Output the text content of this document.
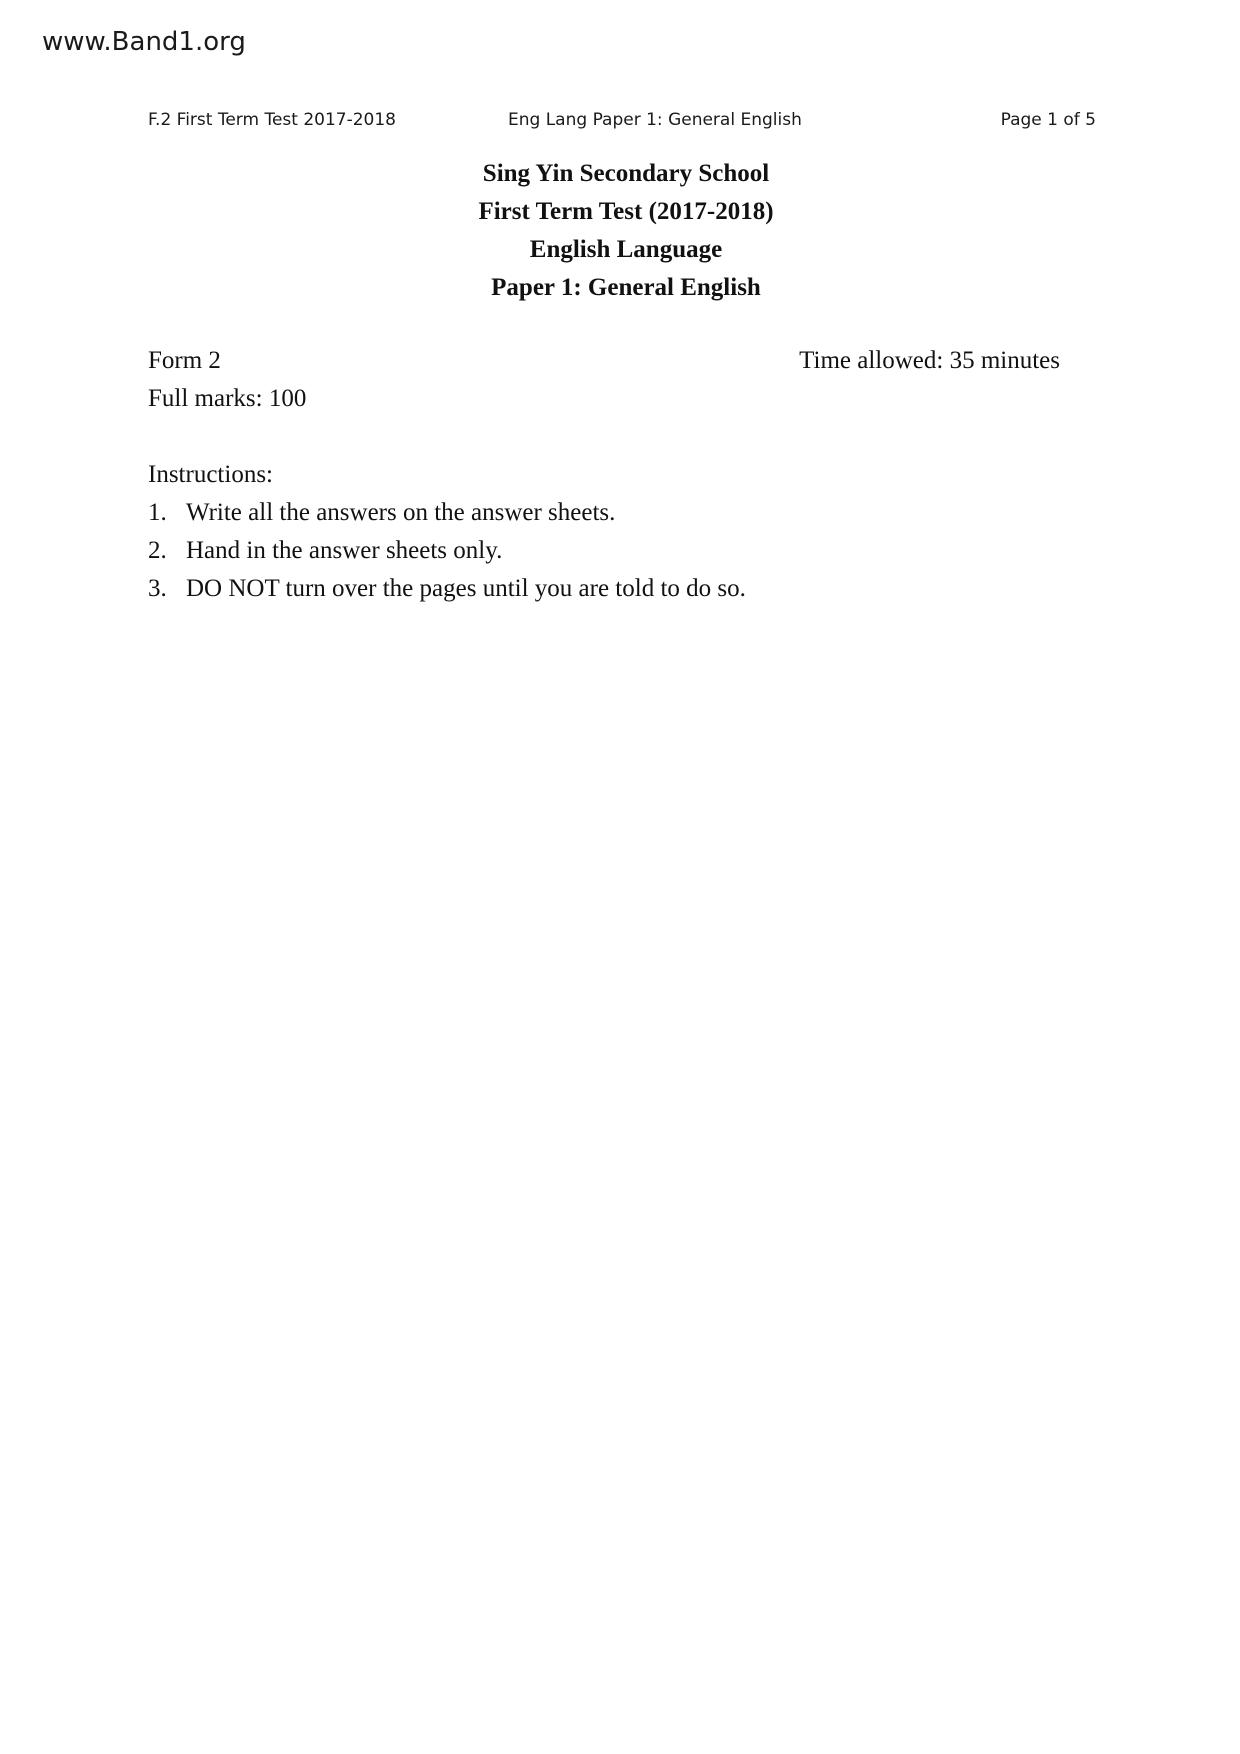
www.Band1.org
F.2 First Term Test 2017-2018	Eng Lang Paper 1: General English	Page 1 of 5
Sing Yin Secondary School
First Term Test (2017-2018)
English Language
Paper 1: General English
Form 2	Time allowed: 35 minutes
Full marks: 100
Instructions:
1. Write all the answers on the answer sheets.
2. Hand in the answer sheets only.
3. DO NOT turn over the pages until you are told to do so.
